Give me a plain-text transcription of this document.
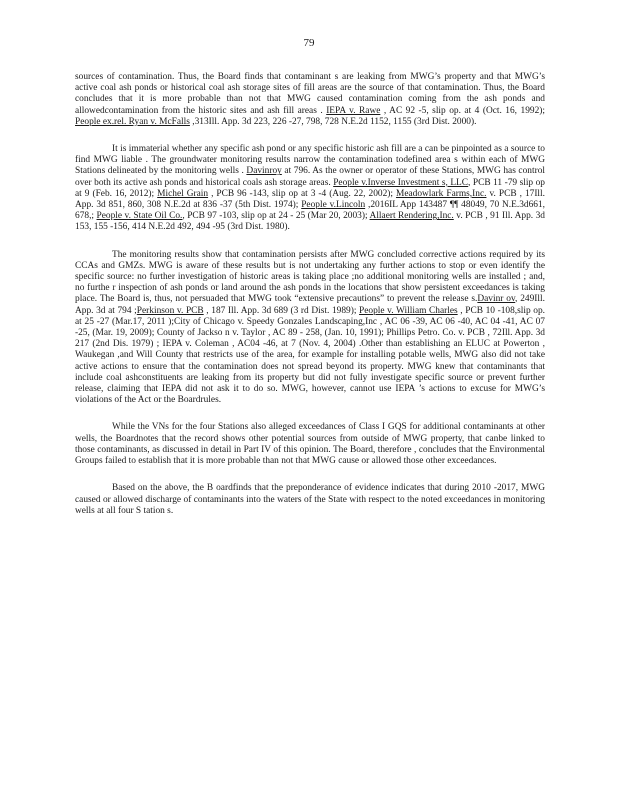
79

sources of contamination. Thus, the Board finds that contaminant s are leaking from MWG’s property and that MWG’s active coal ash ponds or historical coal ash storage sites of fill areas are the source of that contamination. Thus, the Board concludes that it is more probable than not that MWG caused contamination coming from the ash ponds and allowedcontamination from the historic sites and ash fill areas . IEPA v. Rawe , AC 92 -5, slip op. at 4 (Oct. 16, 1992); People ex.rel. Ryan v. McFalls ,313Ill. App. 3d 223, 226 -27, 798, 728 N.E.2d 1152, 1155 (3rd Dist. 2000).

It is immaterial whether any specific ash pond or any specific historic ash fill are a can be pinpointed as a source to find MWG liable . The groundwater monitoring results narrow the contamination todefined area s within each of MWG Stations delineated by the monitoring wells . Davinroy at 796. As the owner or operator of these Stations, MWG has control over both its active ash ponds and historical coals ash storage areas. People v.Inverse Investment s, LLC, PCB 11 -79 slip op at 9 (Feb. 16, 2012); Michel Grain , PCB 96 -143, slip op at 3 -4 (Aug. 22, 2002); Meadowlark Farms,Inc. v. PCB , 17Ill. App. 3d 851, 860, 308 N.E.2d at 836 -37 (5th Dist. 1974); People v.Lincoln ,2016IL App 143487 ¶¶ 48049, 70 N.E.3d661, 678,; People v. State Oil Co., PCB 97 -103, slip op at 24 - 25 (Mar 20, 2003); Allaert Rendering,Inc. v. PCB , 91 Ill. App. 3d 153, 155 -156, 414 N.E.2d 492, 494 -95 (3rd Dist. 1980).

The monitoring results show that contamination persists after MWG concluded corrective actions required by its CCAs and GMZs. MWG is aware of these results but is not undertaking any further actions to stop or even identify the specific source: no further investigation of historic areas is taking place ;no additional monitoring wells are installed ; and, no furthe r inspection of ash ponds or land around the ash ponds in the locations that show persistent exceedances is taking place. The Board is, thus, not persuaded that MWG took “extensive precautions” to prevent the release s.Davinr ov, 249Ill. App. 3d at 794 ;Perkinson v. PCB , 187 Ill. App. 3d 689 (3 rd Dist. 1989); People v. William Charles , PCB 10 -108,slip op. at 25 -27 (Mar.17, 2011 );City of Chicago v. Speedy Gonzales Landscaping,Inc , AC 06 -39, AC 06 -40, AC 04 -41, AC 07 -25, (Mar. 19, 2009); County of Jackso n v. Taylor , AC 89 - 258, (Jan. 10, 1991); Phillips Petro. Co. v. PCB , 72Ill. App. 3d 217 (2nd Dis. 1979) ; IEPA v. Coleman , AC04 -46, at 7 (Nov. 4, 2004) .Other than establishing an ELUC at Powerton , Waukegan ,and Will County that restricts use of the area, for example for installing potable wells, MWG also did not take active actions to ensure that the contamination does not spread beyond its property. MWG knew that contaminants that include coal ashconstituents are leaking from its property but did not fully investigate specific source or prevent further release, claiming that IEPA did not ask it to do so. MWG, however, cannot use IEPA ’s actions to excuse for MWG’s violations of the Act or the Boardrules.

While the VNs for the four Stations also alleged exceedances of Class I GQS for additional contaminants at other wells, the Boardnotes that the record shows other potential sources from outside of MWG property, that canbe linked to those contaminants, as discussed in detail in Part IV of this opinion. The Board, therefore , concludes that the Environmental Groups failed to establish that it is more probable than not that MWG cause or allowed those other exceedances.

Based on the above, the B oardfinds that the preponderance of evidence indicates that during 2010 -2017, MWG caused or allowed discharge of contaminants into the waters of the State with respect to the noted exceedances in monitoring wells at all four S tation s.
